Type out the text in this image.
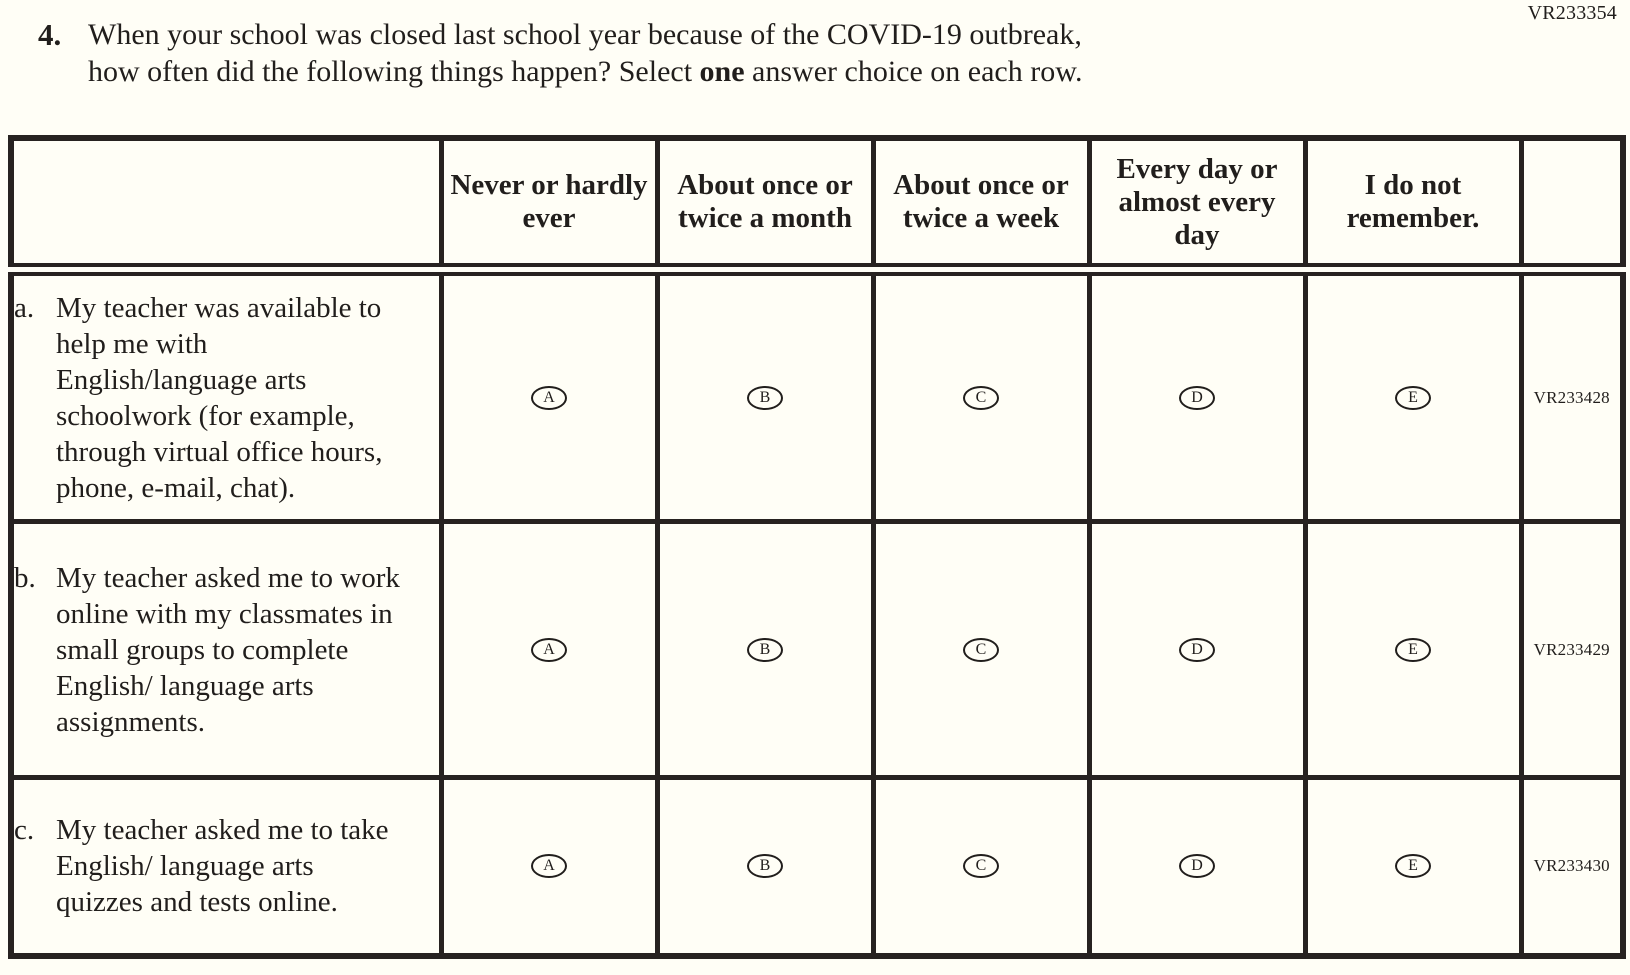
VR233354
4. When your school was closed last school year because of the COVID-19 outbreak,
how often did the following things happen? Select one answer choice on each row.
	Never or hardly ever	About once or twice a month	About once or twice a week	Every day or almost every day	I do not remember.	

a. My teacher was available to help me with English/language arts schoolwork (for example, through virtual office hours, phone, e-mail, chat).	A	B	C	D	E	VR233428

b. My teacher asked me to work online with my classmates in small groups to complete English/ language arts assignments.	A	B	C	D	E	VR233429

c. My teacher asked me to take English/ language arts quizzes and tests online.	A	B	C	D	E	VR233430
